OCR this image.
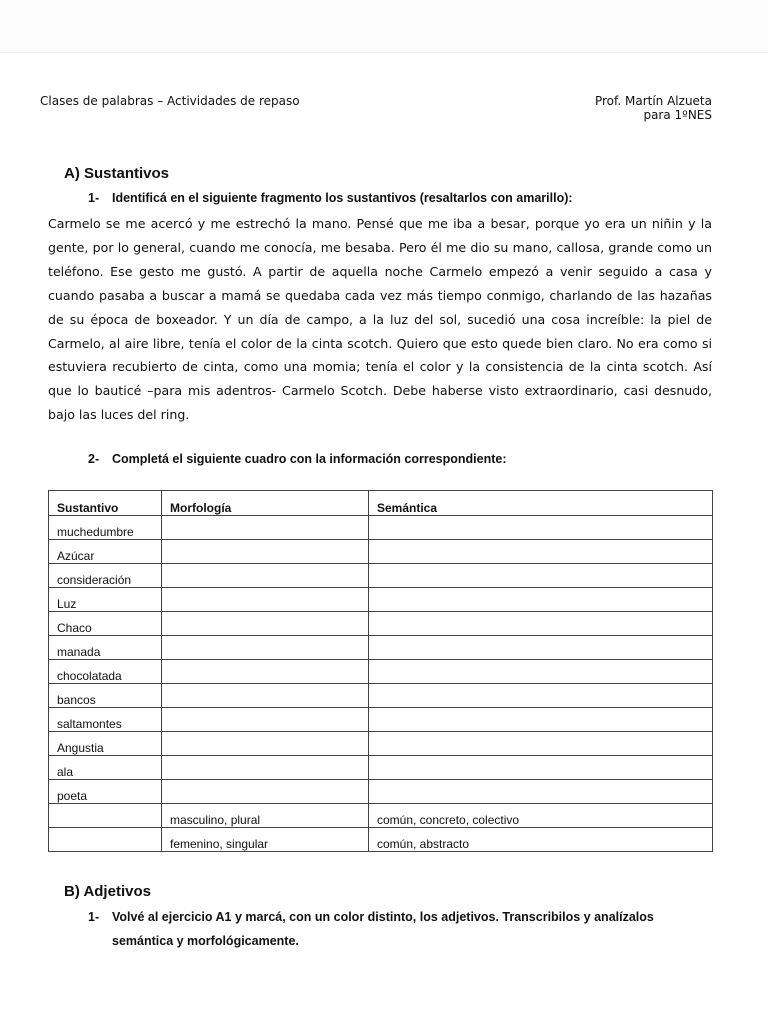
Clases de palabras – Actividades de repaso	Prof. Martín Alzueta
para 1ºNES
A) Sustantivos
1- Identificá en el siguiente fragmento los sustantivos (resaltarlos con amarillo):

Carmelo se me acercó y me estrechó la mano. Pensé que me iba a besar, porque yo era un niñin y la gente, por lo general, cuando me conocía, me besaba. Pero él me dio su mano, callosa, grande como un teléfono. Ese gesto me gustó. A partir de aquella noche Carmelo empezó a venir seguido a casa y cuando pasaba a buscar a mamá se quedaba cada vez más tiempo conmigo, charlando de las hazañas de su época de boxeador. Y un día de campo, a la luz del sol, sucedió una cosa increíble: la piel de Carmelo, al aire libre, tenía el color de la cinta scotch. Quiero que esto quede bien claro. No era como si estuviera recubierto de cinta, como una momia; tenía el color y la consistencia de la cinta scotch. Así que lo bauticé –para mis adentros- Carmelo Scotch. Debe haberse visto extraordinario, casi desnudo, bajo las luces del ring.

2- Completá el siguiente cuadro con la información correspondiente:
Sustantivo	Morfología	Semántica
muchedumbre		
Azúcar		
consideración		
Luz		
Chaco		
manada		
chocolatada		
bancos		
saltamontes		
Angustia		
ala		
poeta		
	masculino, plural	común, concreto, colectivo
	femenino, singular	común, abstracto
B) Adjetivos
1- Volvé al ejercicio A1 y marcá, con un color distinto, los adjetivos. Transcribilos y analízalos
semántica y morfológicamente.
